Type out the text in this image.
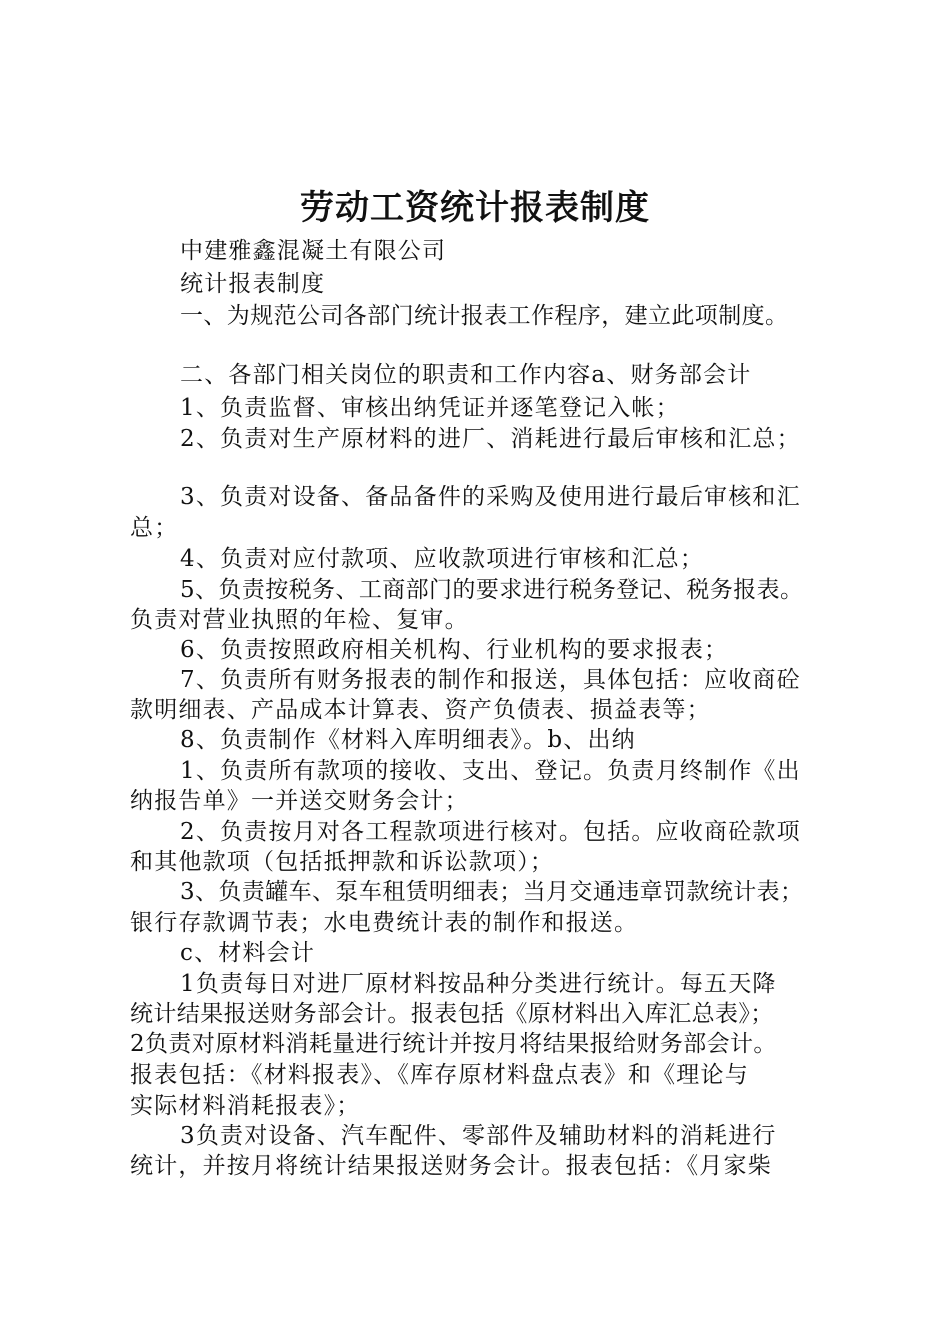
劳动工资统计报表制度
中建雅鑫混凝土有限公司
统计报表制度
一、为规范公司各部门统计报表工作程序，建立此项制度。
二、各部门相关岗位的职责和工作内容a、财务部会计
1、负责监督、审核出纳凭证并逐笔登记入帐；
2、负责对生产原材料的进厂、消耗进行最后审核和汇总；
3、负责对设备、备品备件的采购及使用进行最后审核和汇
总；
4、负责对应付款项、应收款项进行审核和汇总；
5、负责按税务、工商部门的要求进行税务登记、税务报表。
负责对营业执照的年检、复审。
6、负责按照政府相关机构、行业机构的要求报表；
7、负责所有财务报表的制作和报送，具体包括：应收商砼
款明细表、产品成本计算表、资产负债表、损益表等；
8、负责制作《材料入库明细表》。b、出纳
1、负责所有款项的接收、支出、登记。负责月终制作《出
纳报告单》一并送交财务会计；
2、负责按月对各工程款项进行核对。包括。应收商砼款项
和其他款项（包括抵押款和诉讼款项）；
3、负责罐车、泵车租赁明细表；当月交通违章罚款统计表；
银行存款调节表；水电费统计表的制作和报送。
c、材料会计
1负责每日对进厂原材料按品种分类进行统计。每五天降
统计结果报送财务部会计。报表包括《原材料出入库汇总表》；
2负责对原材料消耗量进行统计并按月将结果报给财务部会计。
报表包括：《材料报表》、《库存原材料盘点表》和《理论与
实际材料消耗报表》；
3负责对设备、汽车配件、零部件及辅助材料的消耗进行
统计，并按月将统计结果报送财务会计。报表包括：《月家柴
